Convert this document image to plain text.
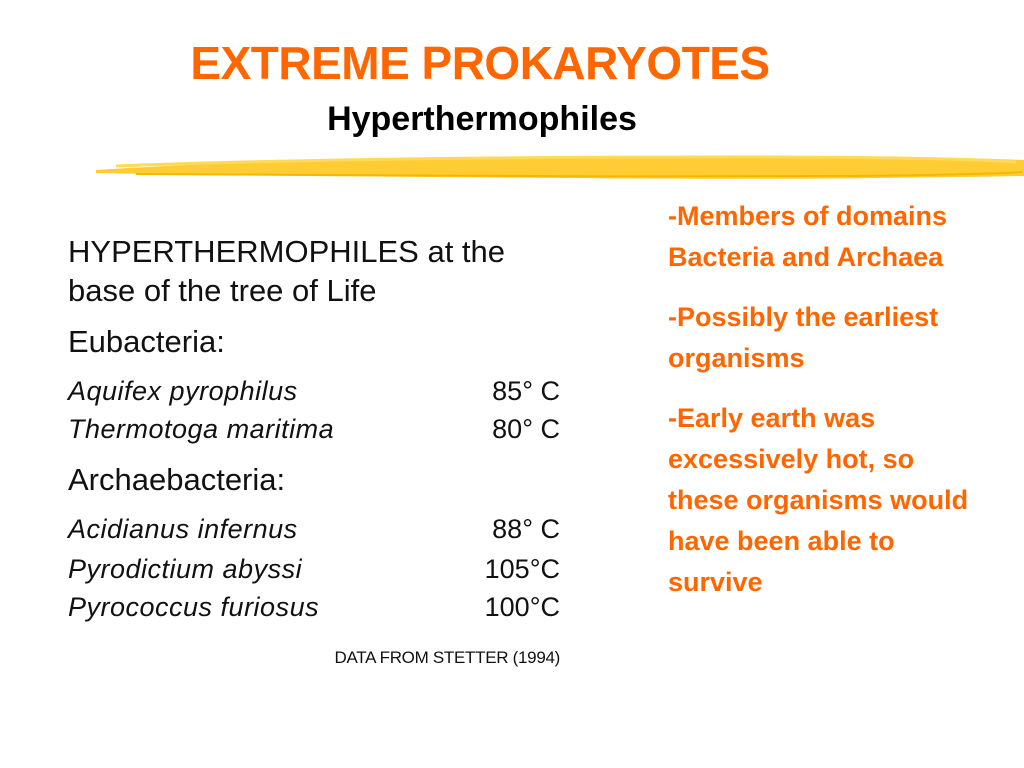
EXTREME PROKARYOTES
Hyperthermophiles

HYPERTHERMOPHILES at the base of the tree of Life

Eubacteria:
Aquifex pyrophilus	85° C
Thermotoga maritima	80° C
Archaebacteria:
Acidianus infernus	88° C
Pyrodictium abyssi	105°C
Pyrococcus furiosus	100°C
DATA FROM STETTER (1994)

-Members of domains Bacteria and Archaea

-Possibly the earliest organisms

-Early earth was excessively hot, so these organisms would have been able to survive
